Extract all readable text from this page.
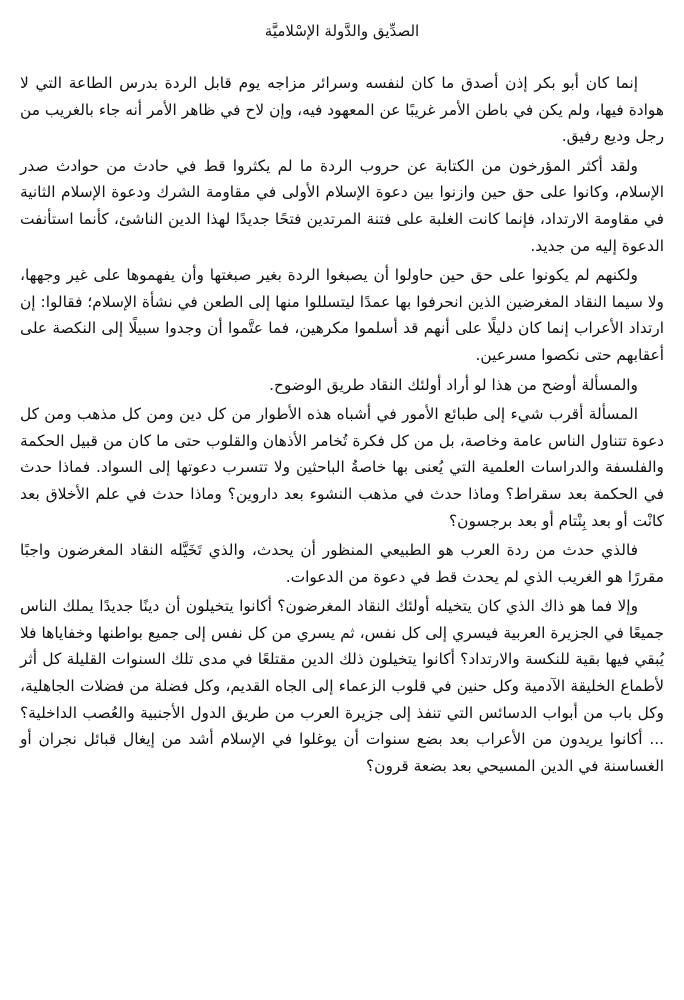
الصدِّيق والدَّولة الإسْلاميَّة

إنما كان أبو بكر إذن أصدق ما كان لنفسه وسرائر مزاجه يوم قابل الردة بدرس الطاعة التي لا هوادة فيها، ولم يكن في باطن الأمر غريبًا عن المعهود فيه، وإن لاح في ظاهر الأمر أنه جاء بالغريب من رجل وديع رفيق.

ولقد أكثر المؤرخون من الكتابة عن حروب الردة ما لم يكثروا قط في حادث من حوادث صدر الإسلام، وكانوا على حق حين وازنوا بين دعوة الإسلام الأولى في مقاومة الشرك ودعوة الإسلام الثانية في مقاومة الارتداد، فإنما كانت الغلبة على فتنة المرتدين فتحًا جديدًا لهذا الدين الناشئ، كأنما استأنفت الدعوة إليه من جديد.

ولكنهم لم يكونوا على حق حين حاولوا أن يصبغوا الردة بغير صبغتها وأن يفهموها على غير وجهها، ولا سيما النقاد المغرضين الذين انحرفوا بها عمدًا ليتسللوا منها إلى الطعن في نشأة الإسلام؛ فقالوا: إن ارتداد الأعراب إنما كان دليلًا على أنهم قد أسلموا مكرهين، فما عتَّموا أن وجدوا سبيلًا إلى النكصة على أعقابهم حتى نكصوا مسرعين.

والمسألة أوضح من هذا لو أراد أولئك النقاد طريق الوضوح.

المسألة أقرب شيء إلى طبائع الأمور في أشباه هذه الأطوار من كل دين ومن كل مذهب ومن كل دعوة تتناول الناس عامة وخاصة، بل من كل فكرة تُخامر الأذهان والقلوب حتى ما كان من قبيل الحكمة والفلسفة والدراسات العلمية التي يُعنى بها خاصةُ الباحثين ولا تتسرب دعوتها إلى السواد. فماذا حدث في الحكمة بعد سقراط؟ وماذا حدث في مذهب النشوء بعد داروين؟ وماذا حدث في علم الأخلاق بعد كانْت أو بعد بِنْتام أو بعد برجسون؟

فالذي حدث من ردة العرب هو الطبيعي المنظور أن يحدث، والذي تَخَيَّله النقاد المغرضون واجبًا مقررًا هو الغريب الذي لم يحدث قط في دعوة من الدعوات.

وإلا فما هو ذاك الذي كان يتخيله أولئك النقاد المغرضون؟ أكانوا يتخيلون أن دينًا جديدًا يملك الناس جميعًا في الجزيرة العربية فيسري إلى كل نفس، ثم يسري من كل نفس إلى جميع بواطنها وخفاياها فلا يُبقي فيها بقية للنكسة والارتداد؟ أكانوا يتخيلون ذلك الدين مقتلعًا في مدى تلك السنوات القليلة كل أثر لأطماع الخليقة الآدمية وكل حنين في قلوب الزعماء إلى الجاه القديم، وكل فضلة من فضلات الجاهلية، وكل باب من أبواب الدسائس التي تنفذ إلى جزيرة العرب من طريق الدول الأجنبية والعُصب الداخلية؟ ... أكانوا يريدون من الأعراب بعد بضع سنوات أن يوغلوا في الإسلام أشد من إيغال قبائل نجران أو الغساسنة في الدين المسيحي بعد بضعة قرون؟
